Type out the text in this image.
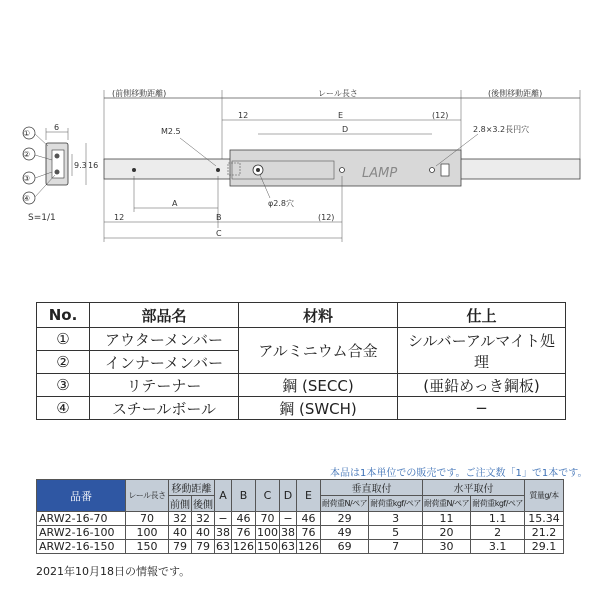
(前側移動距離)	レール長さ	(後側移動距離)
12	E	(12)
D	2.8×3.2長円穴
M2.5
LAMP
φ2.8穴
A
12	B	(12)
C
6
9.3 16
①
②
③
④
S=1/1
No.	部品名	材料	仕上
①	アウターメンバー	アルミニウム合金	シルバーアルマイト処理
②	インナーメンバー		
③	リテーナー	鋼 (SECC)	(亜鉛めっき鋼板)
④	スチールボール	鋼 (SWCH)	−
本品は1本単位での販売です。ご注文数「1」で1本です。
品番	レール長さ	移動距離		A	B	C	D	E	垂直取付		水平取付		質量g/本
		前側	後側						耐荷重N/ペア	耐荷重kgf/ペア	耐荷重N/ペア	耐荷重kgf/ペア	
ARW2-16-70	70	32	32	−	46	70	−	46	29	3	11	1.1	15.34
ARW2-16-100	100	40	40	38	76	100	38	76	49	5	20	2	21.2
ARW2-16-150	150	79	79	63	126	150	63	126	69	7	30	3.1	29.1
2021年10月18日の情報です。
